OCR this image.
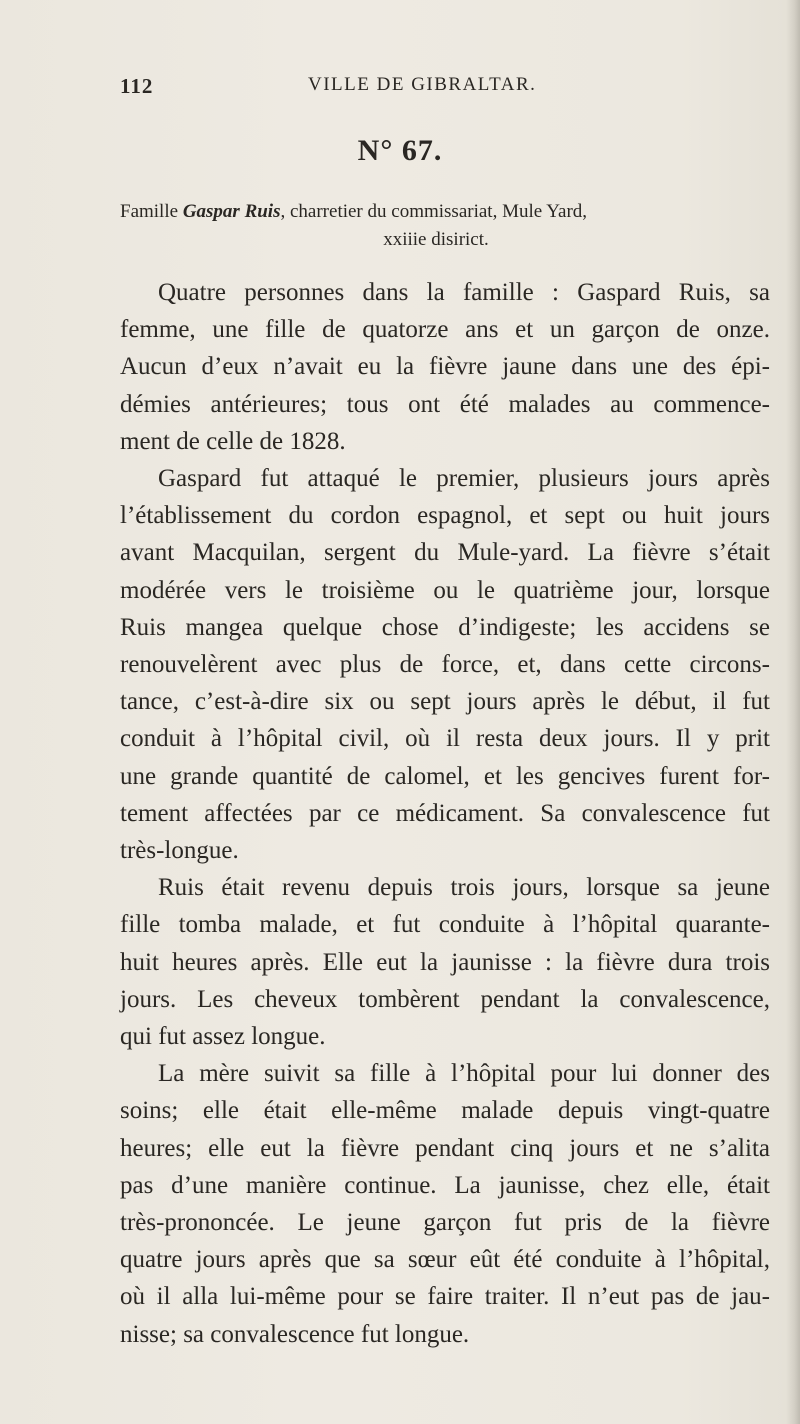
112	VILLE DE GIBRALTAR.
N° 67.
Famille Gaspar Ruis, charretier du commissariat, Mule Yard,
xxiiie disirict.
Quatre personnes dans la famille : Gaspard Ruis, sa
femme, une fille de quatorze ans et un garçon de onze.
Aucun d’eux n’avait eu la fièvre jaune dans une des épi-
démies antérieures; tous ont été malades au commence-
ment de celle de 1828.
Gaspard fut attaqué le premier, plusieurs jours après
l’établissement du cordon espagnol, et sept ou huit jours
avant Macquilan, sergent du Mule-yard. La fièvre s’était
modérée vers le troisième ou le quatrième jour, lorsque
Ruis mangea quelque chose d’indigeste; les accidens se
renouvelèrent avec plus de force, et, dans cette circons-
tance, c’est-à-dire six ou sept jours après le début, il fut
conduit à l’hôpital civil, où il resta deux jours. Il y prit
une grande quantité de calomel, et les gencives furent for-
tement affectées par ce médicament. Sa convalescence fut
très-longue.
Ruis était revenu depuis trois jours, lorsque sa jeune
fille tomba malade, et fut conduite à l’hôpital quarante-
huit heures après. Elle eut la jaunisse : la fièvre dura trois
jours. Les cheveux tombèrent pendant la convalescence,
qui fut assez longue.
La mère suivit sa fille à l’hôpital pour lui donner des
soins; elle était elle-même malade depuis vingt-quatre
heures; elle eut la fièvre pendant cinq jours et ne s’alita
pas d’une manière continue. La jaunisse, chez elle, était
très-prononcée. Le jeune garçon fut pris de la fièvre
quatre jours après que sa sœur eût été conduite à l’hôpital,
où il alla lui-même pour se faire traiter. Il n’eut pas de jau-
nisse; sa convalescence fut longue.
